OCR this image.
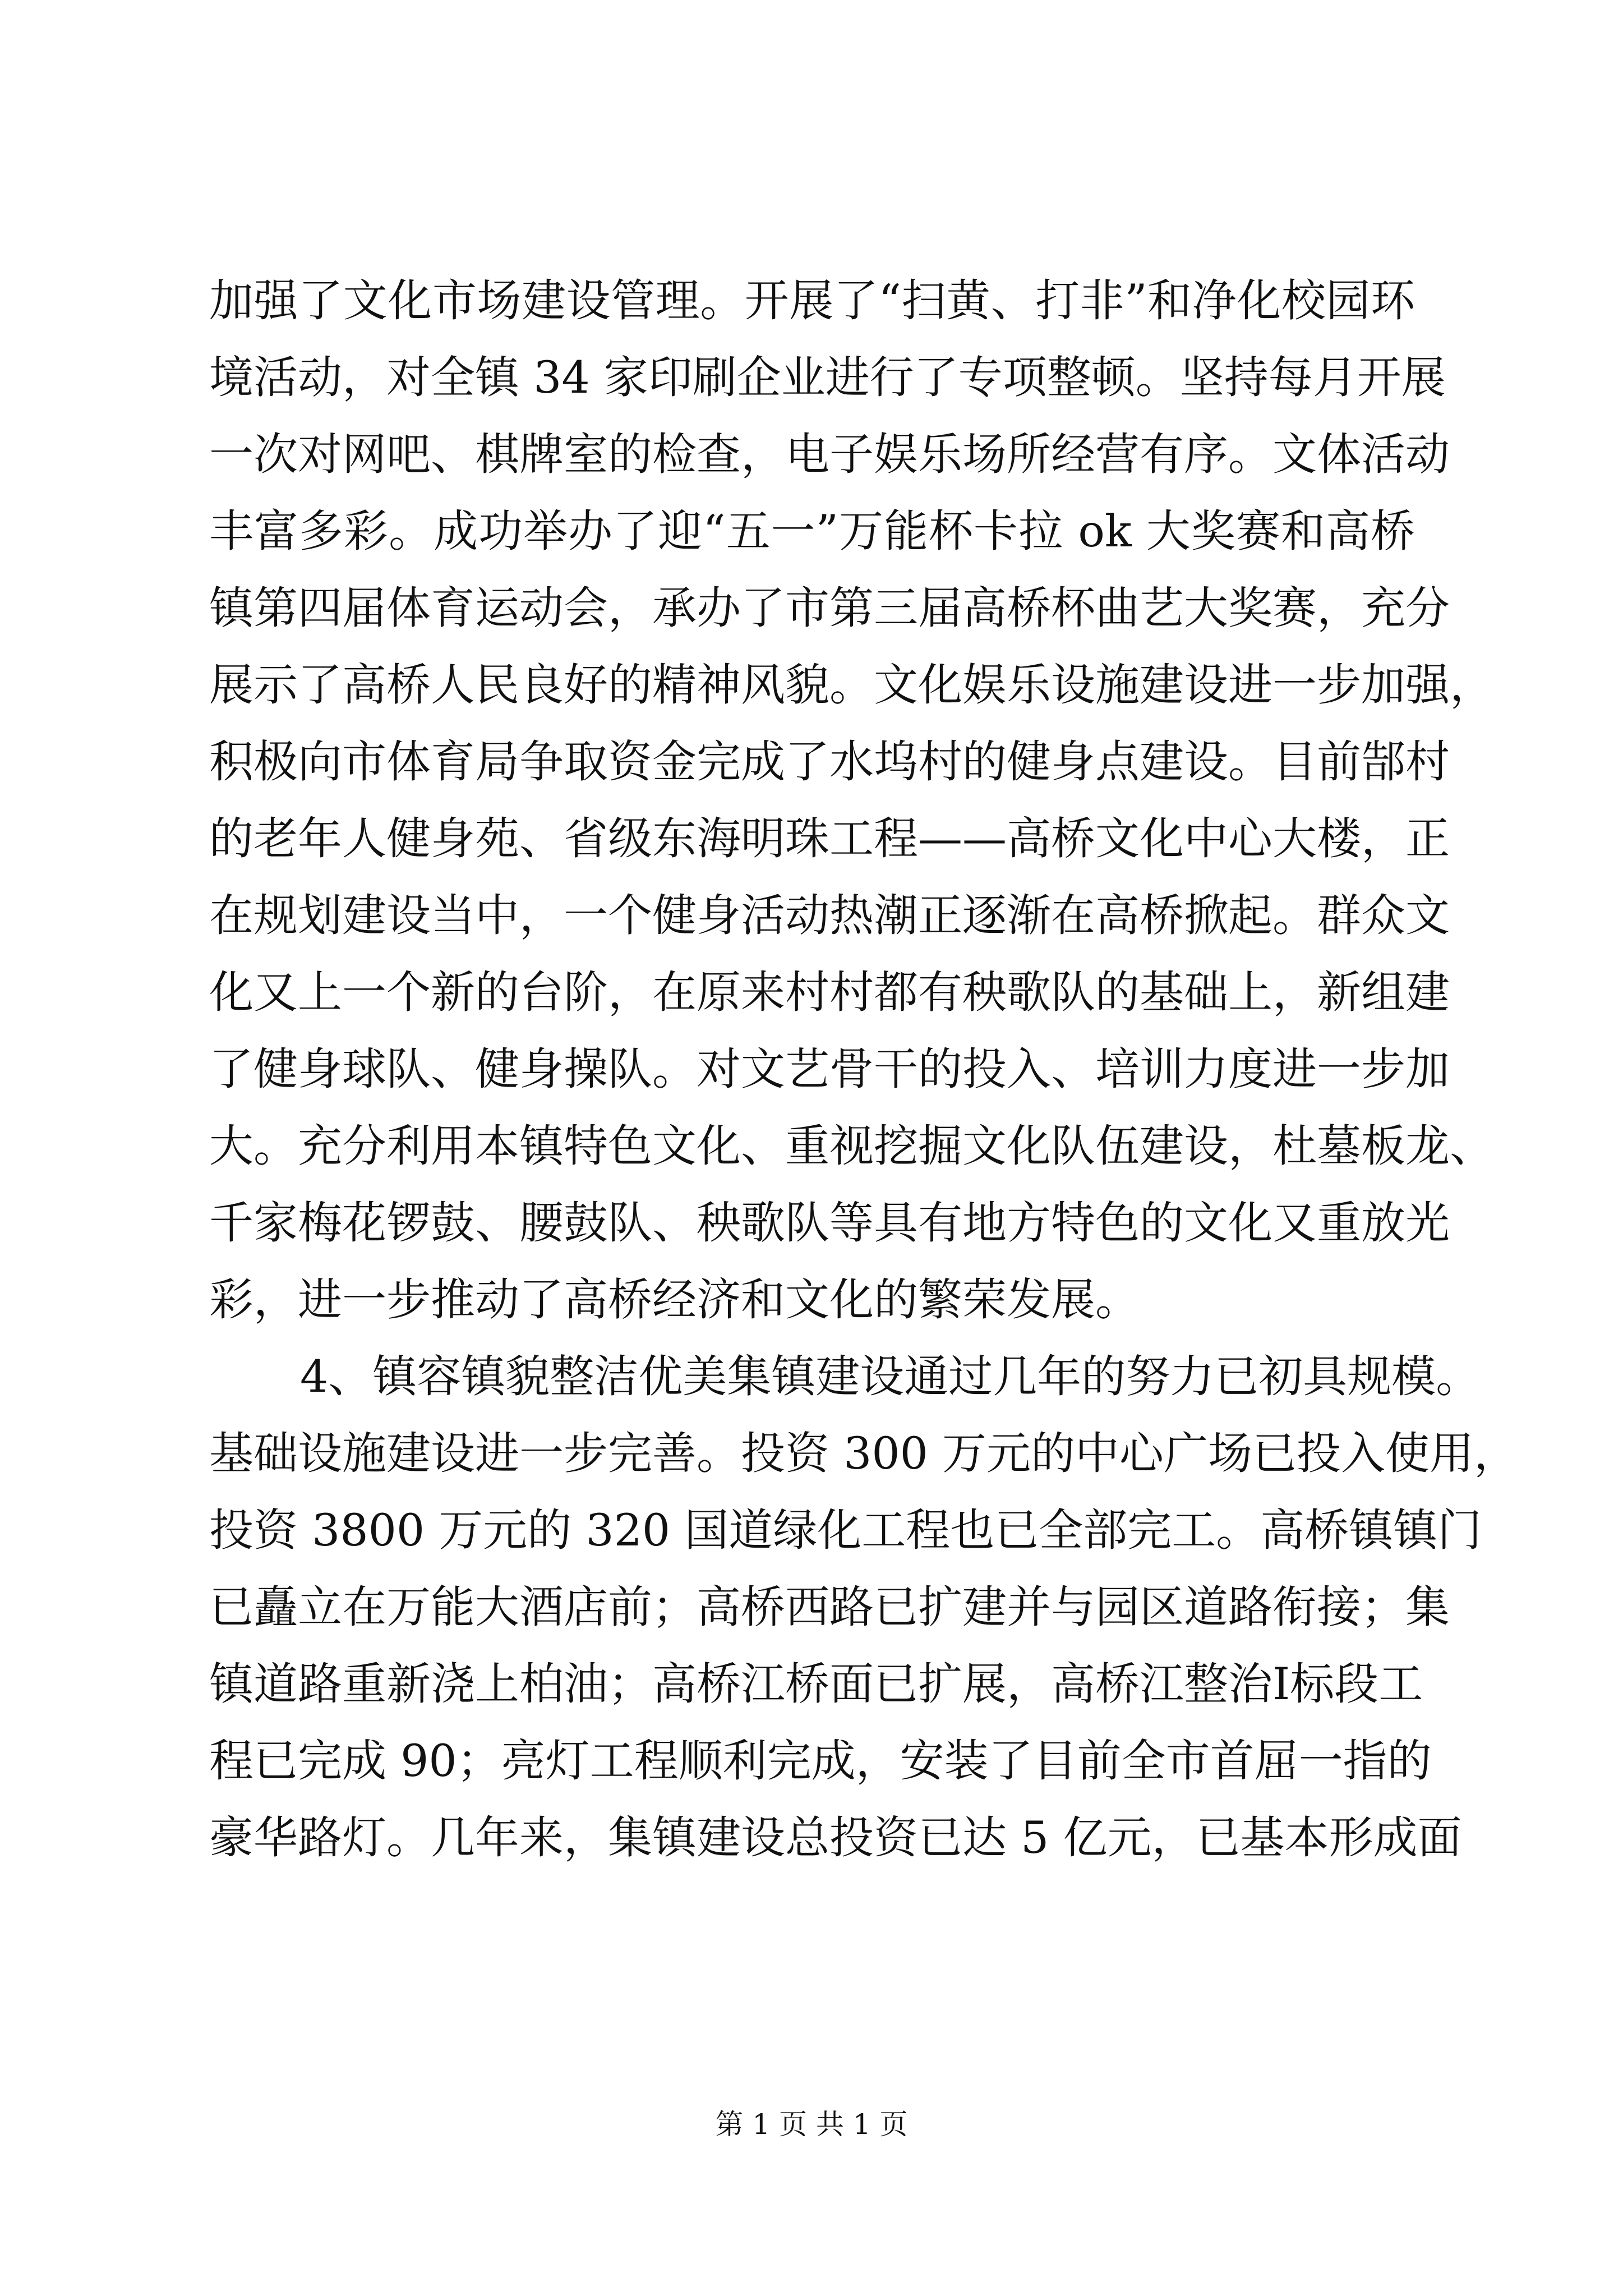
加强了文化市场建设管理。开展了“扫黄、打非”和净化校园环
境活动，对全镇 34 家印刷企业进行了专项整顿。坚持每月开展
一次对网吧、棋牌室的检查，电子娱乐场所经营有序。文体活动
丰富多彩。成功举办了迎“五一”万能杯卡拉 ok 大奖赛和高桥
镇第四届体育运动会，承办了市第三届高桥杯曲艺大奖赛，充分
展示了高桥人民良好的精神风貌。文化娱乐设施建设进一步加强，
积极向市体育局争取资金完成了水坞村的健身点建设。目前郜村
的老年人健身苑、省级东海明珠工程——高桥文化中心大楼，正
在规划建设当中，一个健身活动热潮正逐渐在高桥掀起。群众文
化又上一个新的台阶，在原来村村都有秧歌队的基础上，新组建
了健身球队、健身操队。对文艺骨干的投入、培训力度进一步加
大。充分利用本镇特色文化、重视挖掘文化队伍建设，杜墓板龙、
千家梅花锣鼓、腰鼓队、秧歌队等具有地方特色的文化又重放光
彩，进一步推动了高桥经济和文化的繁荣发展。
4、镇容镇貌整洁优美集镇建设通过几年的努力已初具规模。
基础设施建设进一步完善。投资 300 万元的中心广场已投入使用，
投资 3800 万元的 320 国道绿化工程也已全部完工。高桥镇镇门
已矗立在万能大酒店前；高桥西路已扩建并与园区道路衔接；集
镇道路重新浇上柏油；高桥江桥面已扩展，高桥江整治Ⅰ标段工
程已完成 90；亮灯工程顺利完成，安装了目前全市首屈一指的
豪华路灯。几年来，集镇建设总投资已达 5 亿元，已基本形成面
第 1 页 共 1 页
